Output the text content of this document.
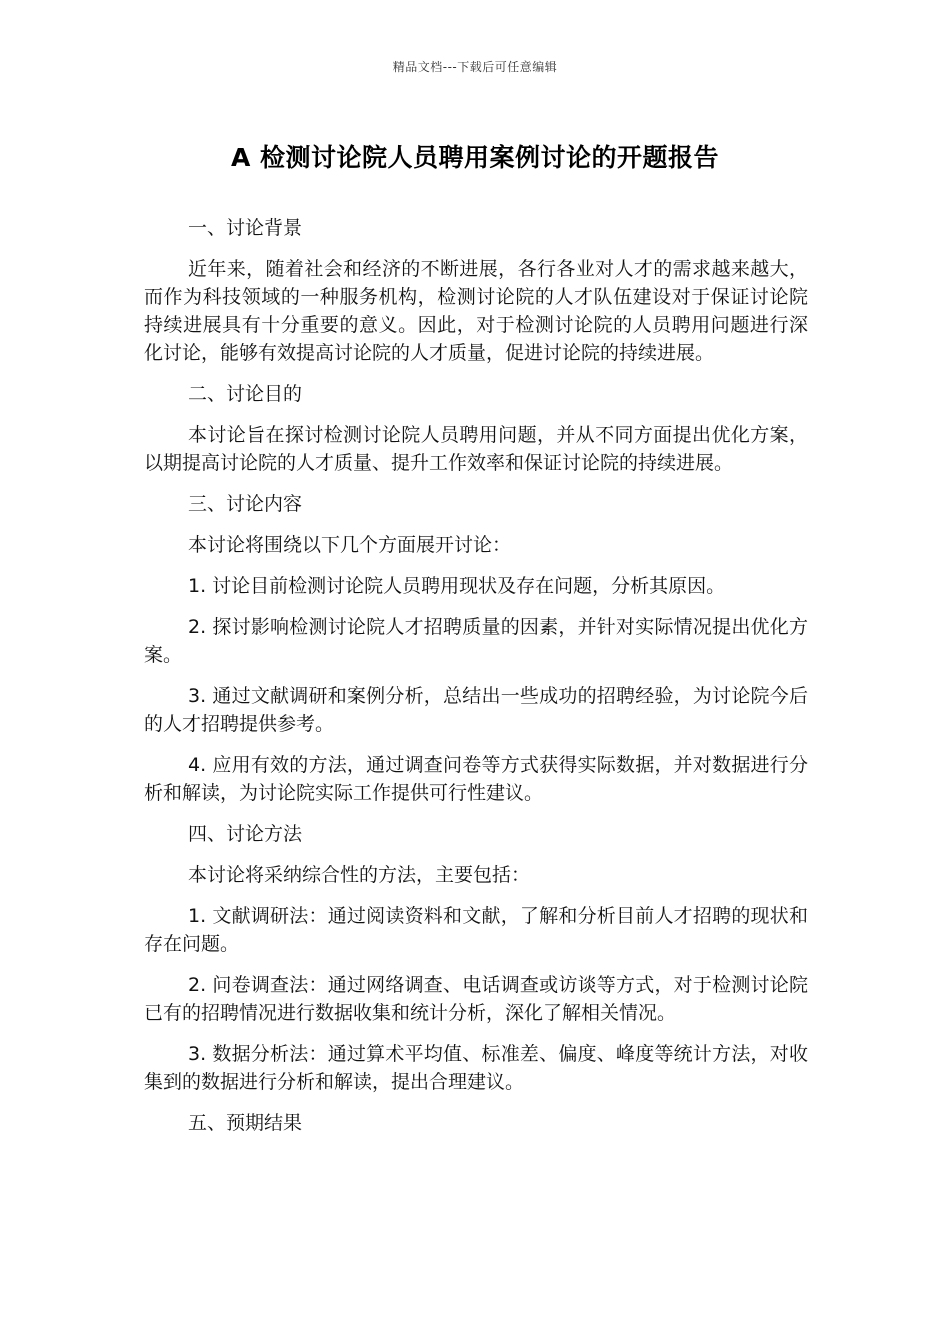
精品文档---下载后可任意编辑
A 检测讨论院人员聘用案例讨论的开题报告

一、讨论背景

近年来，随着社会和经济的不断进展，各行各业对人才的需求越来越大，而作为科技领域的一种服务机构，检测讨论院的人才队伍建设对于保证讨论院持续进展具有十分重要的意义。因此，对于检测讨论院的人员聘用问题进行深化讨论，能够有效提高讨论院的人才质量，促进讨论院的持续进展。

二、讨论目的

本讨论旨在探讨检测讨论院人员聘用问题，并从不同方面提出优化方案，以期提高讨论院的人才质量、提升工作效率和保证讨论院的持续进展。

三、讨论内容

本讨论将围绕以下几个方面展开讨论：

1. 讨论目前检测讨论院人员聘用现状及存在问题，分析其原因。

2. 探讨影响检测讨论院人才招聘质量的因素，并针对实际情况提出优化方案。

3. 通过文献调研和案例分析，总结出一些成功的招聘经验，为讨论院今后的人才招聘提供参考。

4. 应用有效的方法，通过调查问卷等方式获得实际数据，并对数据进行分析和解读，为讨论院实际工作提供可行性建议。

四、讨论方法

本讨论将采纳综合性的方法，主要包括：

1. 文献调研法：通过阅读资料和文献，了解和分析目前人才招聘的现状和存在问题。

2. 问卷调查法：通过网络调查、电话调查或访谈等方式，对于检测讨论院已有的招聘情况进行数据收集和统计分析，深化了解相关情况。

3. 数据分析法：通过算术平均值、标准差、偏度、峰度等统计方法，对收集到的数据进行分析和解读，提出合理建议。

五、预期结果
